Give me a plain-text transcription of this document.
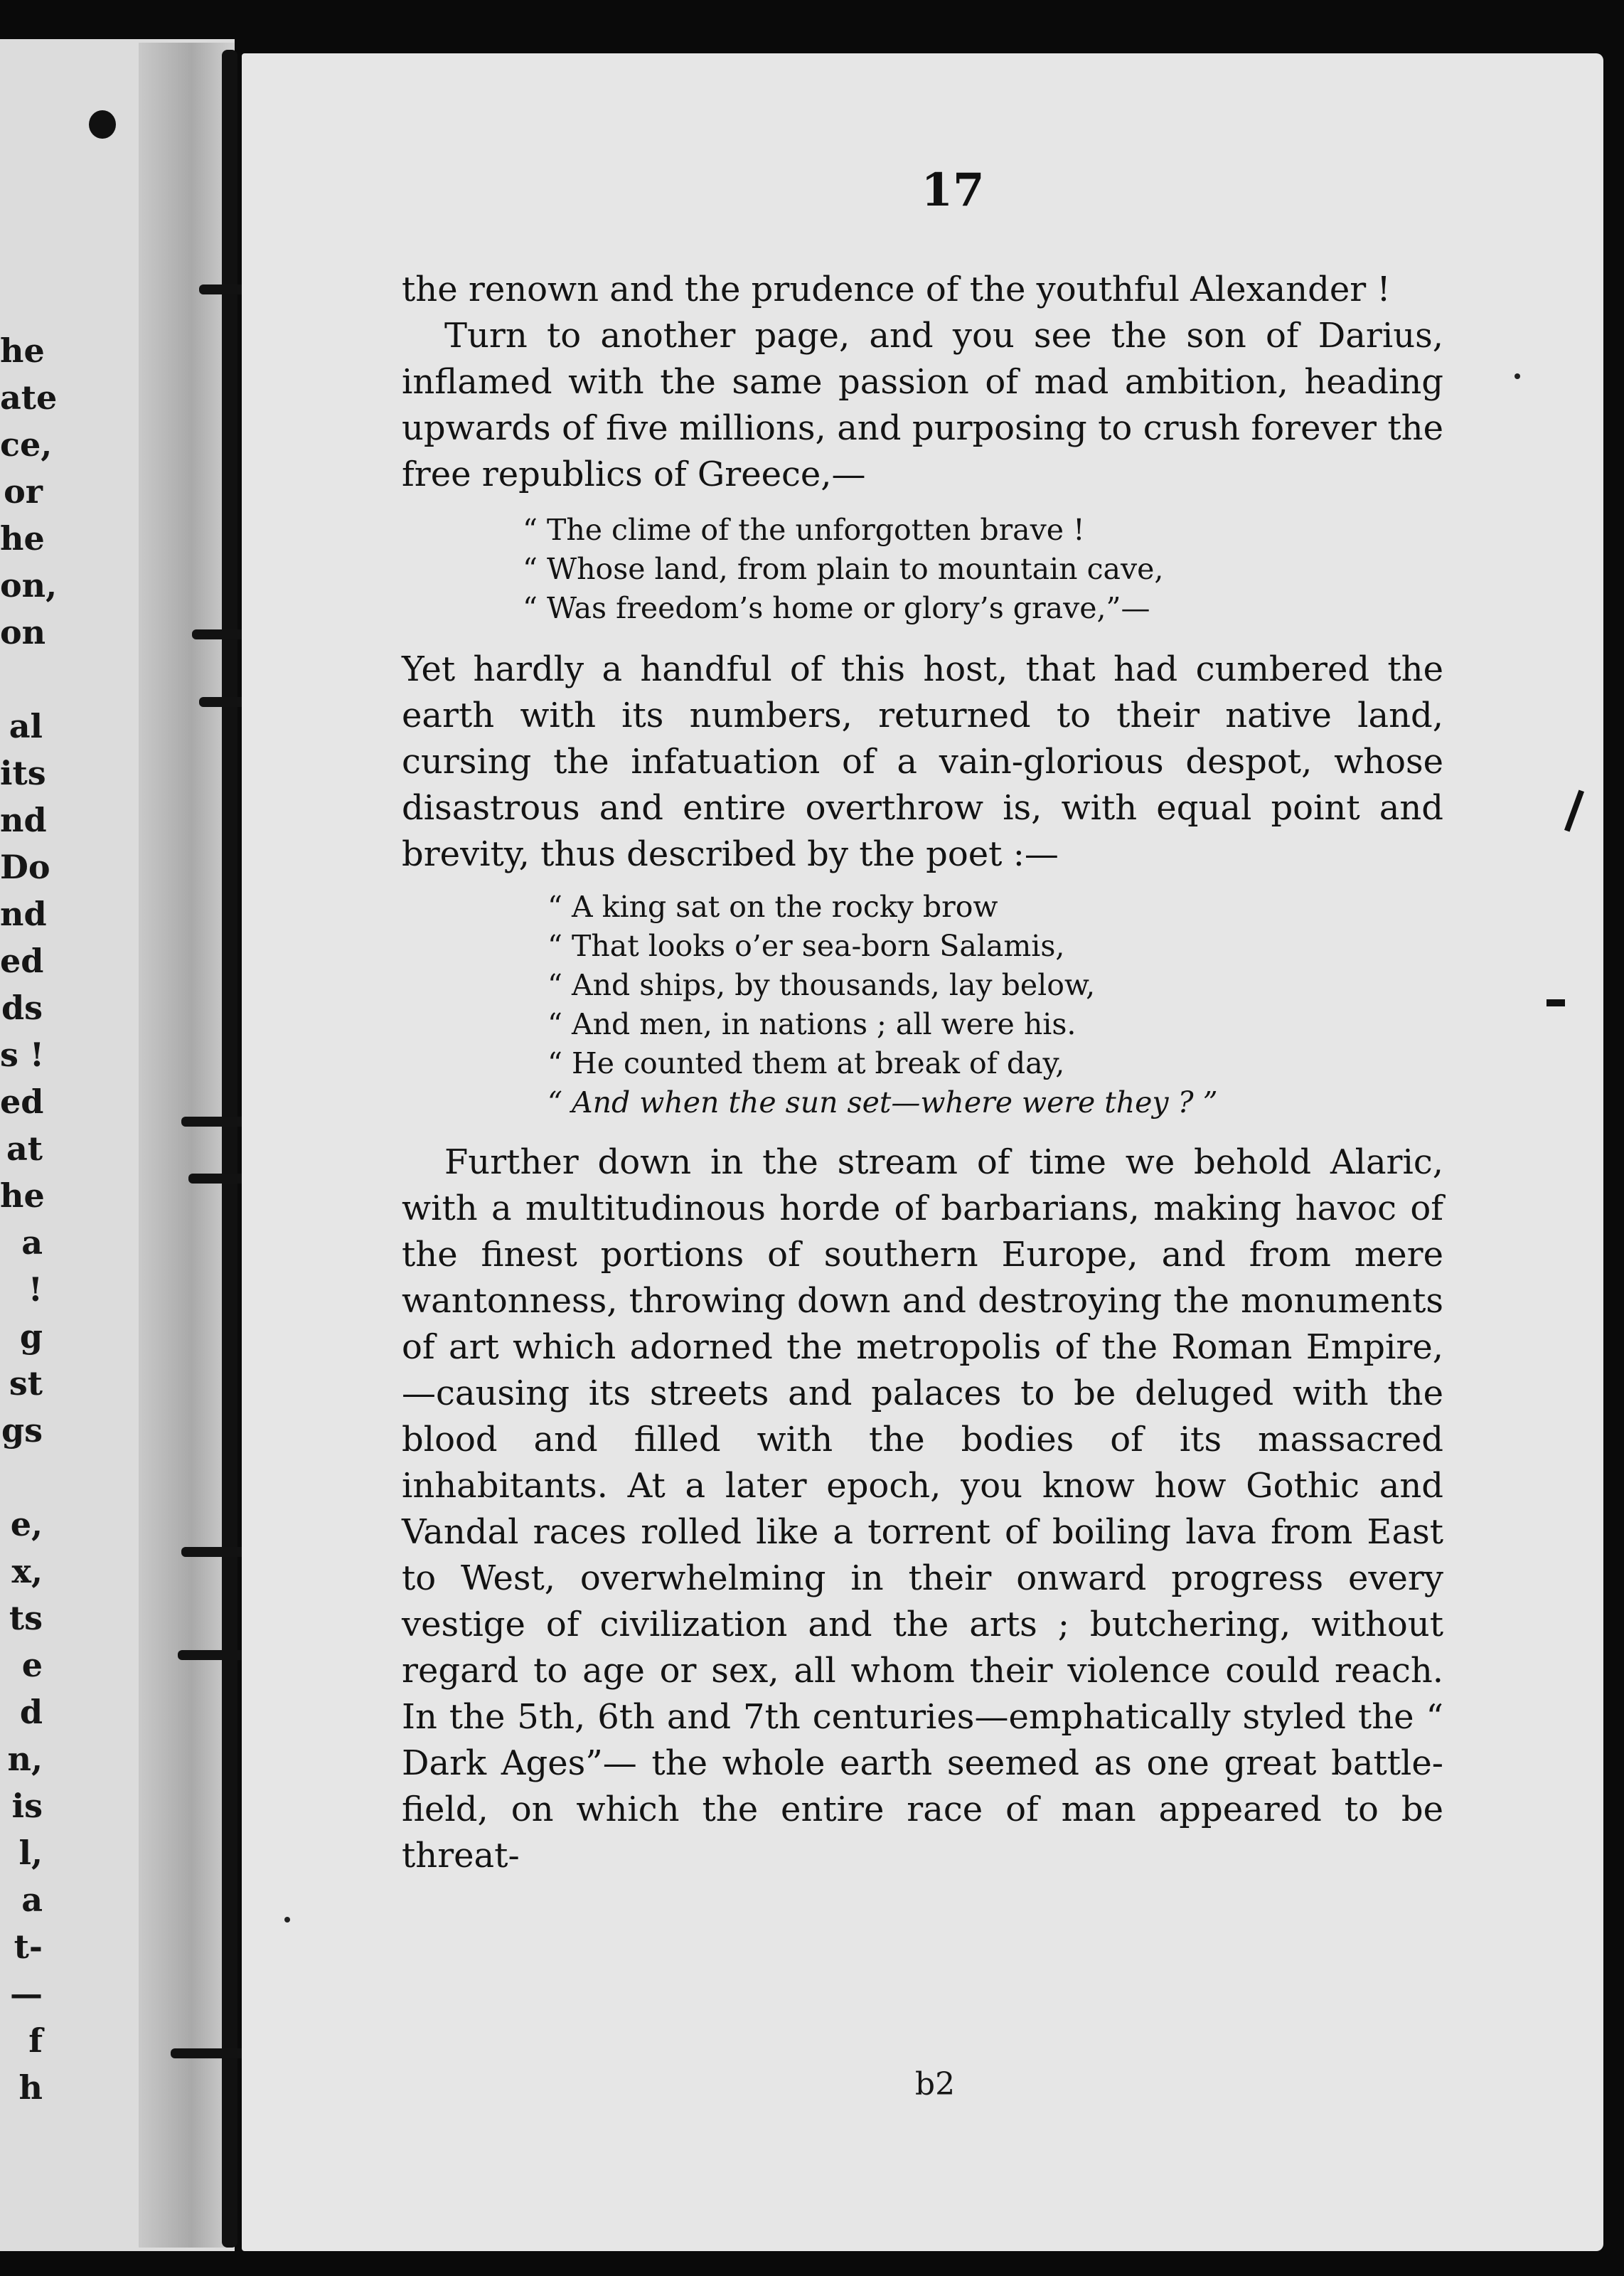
he
ate
ce,
or
he
on,
on
al
its
nd
Do
nd
ed
ds
s !
ed
at
he
a
!
g
st
gs
e,
x,
ts
e
d
n,
is
l,
a
t-
—
f
h
17

the renown and the prudence of the youthful Alexander !

Turn to another page, and you see the son of Darius, inflamed with the same passion of mad ambition, heading upwards of five millions, and purposing to crush forever the free republics of Greece,—

“ The clime of the unforgotten brave !
“ Whose land, from plain to mountain cave,
“ Was freedom’s home or glory’s grave,”—

Yet hardly a handful of this host, that had cumbered the earth with its numbers, returned to their native land, cursing the infatuation of a vain-glorious despot, whose disastrous and entire overthrow is, with equal point and brevity, thus described by the poet :—

“ A king sat on the rocky brow
“ That looks o’er sea-born Salamis,
“ And ships, by thousands, lay below,
“ And men, in nations ; all were his.
“ He counted them at break of day,
“ And when the sun set—where were they ? ”

Further down in the stream of time we behold Alaric, with a multitudinous horde of barbarians, making havoc of the finest portions of southern Europe, and from mere wantonness, throwing down and destroying the monuments of art which adorned the metropolis of the Roman Empire,—causing its streets and palaces to be deluged with the blood and filled with the bodies of its massacred inhabitants. At a later epoch, you know how Gothic and Vandal races rolled like a torrent of boiling lava from East to West, overwhelming in their onward progress every vestige of civilization and the arts ; butchering, without regard to age or sex, all whom their violence could reach. In the 5th, 6th and 7th centuries—emphatically styled the “ Dark Ages”— the whole earth seemed as one great battle-field, on which the entire race of man appeared to be threat-

b2
